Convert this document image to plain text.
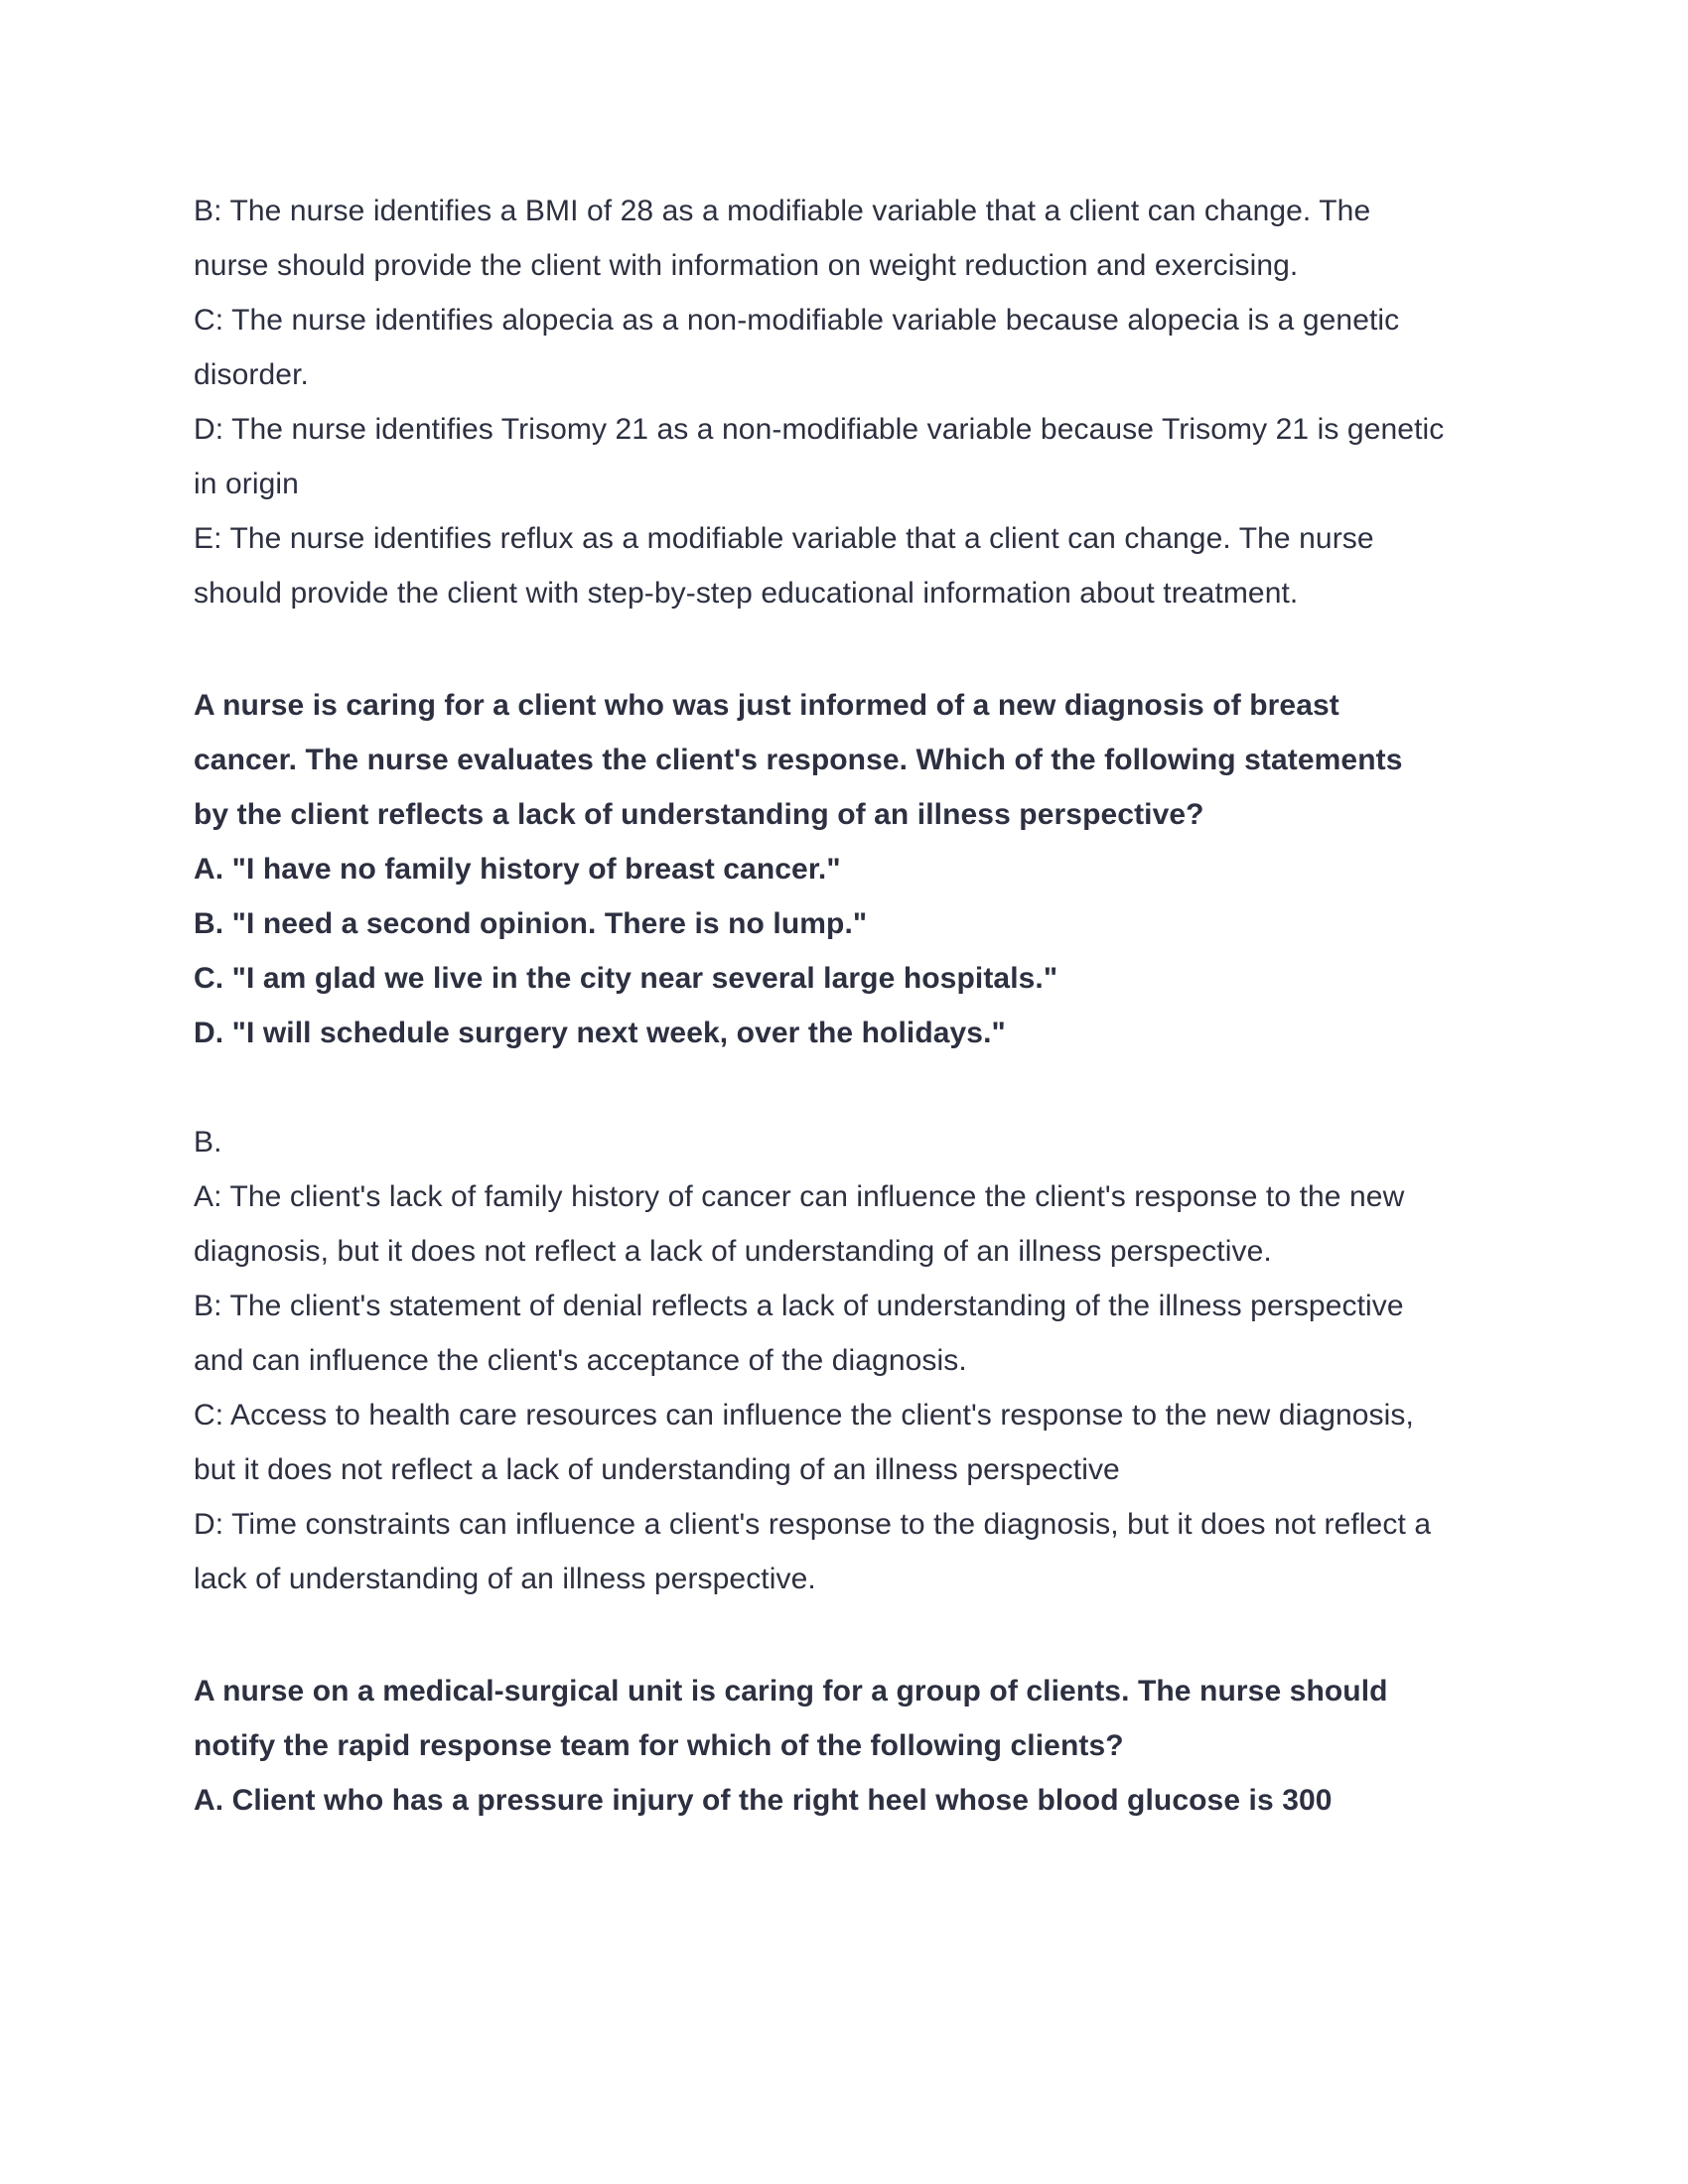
B: The nurse identifies a BMI of 28 as a modifiable variable that a client can change. The nurse should provide the client with information on weight reduction and exercising.

C: The nurse identifies alopecia as a non-modifiable variable because alopecia is a genetic disorder.

D: The nurse identifies Trisomy 21 as a non-modifiable variable because Trisomy 21 is genetic in origin

E: The nurse identifies reflux as a modifiable variable that a client can change. The nurse should provide the client with step-by-step educational information about treatment.

A nurse is caring for a client who was just informed of a new diagnosis of breast cancer. The nurse evaluates the client's response. Which of the following statements by the client reflects a lack of understanding of an illness perspective?

A. "I have no family history of breast cancer."

B. "I need a second opinion. There is no lump."

C. "I am glad we live in the city near several large hospitals."

D. "I will schedule surgery next week, over the holidays."

B.

A: The client's lack of family history of cancer can influence the client's response to the new diagnosis, but it does not reflect a lack of understanding of an illness perspective.

B: The client's statement of denial reflects a lack of understanding of the illness perspective and can influence the client's acceptance of the diagnosis.

C: Access to health care resources can influence the client's response to the new diagnosis, but it does not reflect a lack of understanding of an illness perspective

D: Time constraints can influence a client's response to the diagnosis, but it does not reflect a lack of understanding of an illness perspective.

A nurse on a medical-surgical unit is caring for a group of clients. The nurse should notify the rapid response team for which of the following clients?

A. Client who has a pressure injury of the right heel whose blood glucose is 300
